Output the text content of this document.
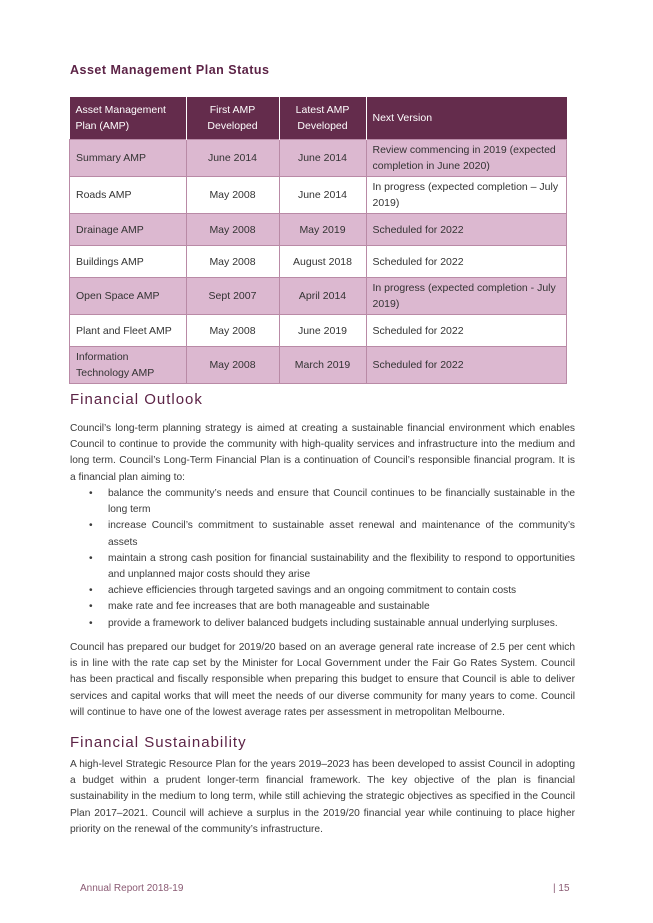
Asset Management Plan Status
Asset Management Plan (AMP)	First AMP Developed	Latest AMP Developed	Next Version
Summary AMP	June 2014	June 2014	Review commencing in 2019 (expected completion in June 2020)
Roads AMP	May 2008	June 2014	In progress (expected completion – July 2019)
Drainage AMP	May 2008	May 2019	Scheduled for 2022
Buildings AMP	May 2008	August 2018	Scheduled for 2022
Open Space AMP	Sept 2007	April 2014	In progress (expected completion - July 2019)
Plant and Fleet AMP	May 2008	June 2019	Scheduled for 2022
Information Technology AMP	May 2008	March 2019	Scheduled for 2022
Financial Outlook
Council’s long-term planning strategy is aimed at creating a sustainable financial environment which enables Council to continue to provide the community with high-quality services and infrastructure into the medium and long term. Council’s Long-Term Financial Plan is a continuation of Council’s responsible financial program. It is a financial plan aiming to:
• balance the community’s needs and ensure that Council continues to be financially sustainable in the long term
• increase Council’s commitment to sustainable asset renewal and maintenance of the community’s assets
• maintain a strong cash position for financial sustainability and the flexibility to respond to opportunities and unplanned major costs should they arise
• achieve efficiencies through targeted savings and an ongoing commitment to contain costs
• make rate and fee increases that are both manageable and sustainable
• provide a framework to deliver balanced budgets including sustainable annual underlying surpluses.
Council has prepared our budget for 2019/20 based on an average general rate increase of 2.5 per cent which is in line with the rate cap set by the Minister for Local Government under the Fair Go Rates System. Council has been practical and fiscally responsible when preparing this budget to ensure that Council is able to deliver services and capital works that will meet the needs of our diverse community for many years to come. Council will continue to have one of the lowest average rates per assessment in metropolitan Melbourne.
Financial Sustainability
A high-level Strategic Resource Plan for the years 2019–2023 has been developed to assist Council in adopting a budget within a prudent longer-term financial framework. The key objective of the plan is financial sustainability in the medium to long term, while still achieving the strategic objectives as specified in the Council Plan 2017–2021. Council will achieve a surplus in the 2019/20 financial year while continuing to place higher priority on the renewal of the community’s infrastructure.
Annual Report 2018-19	| 15
